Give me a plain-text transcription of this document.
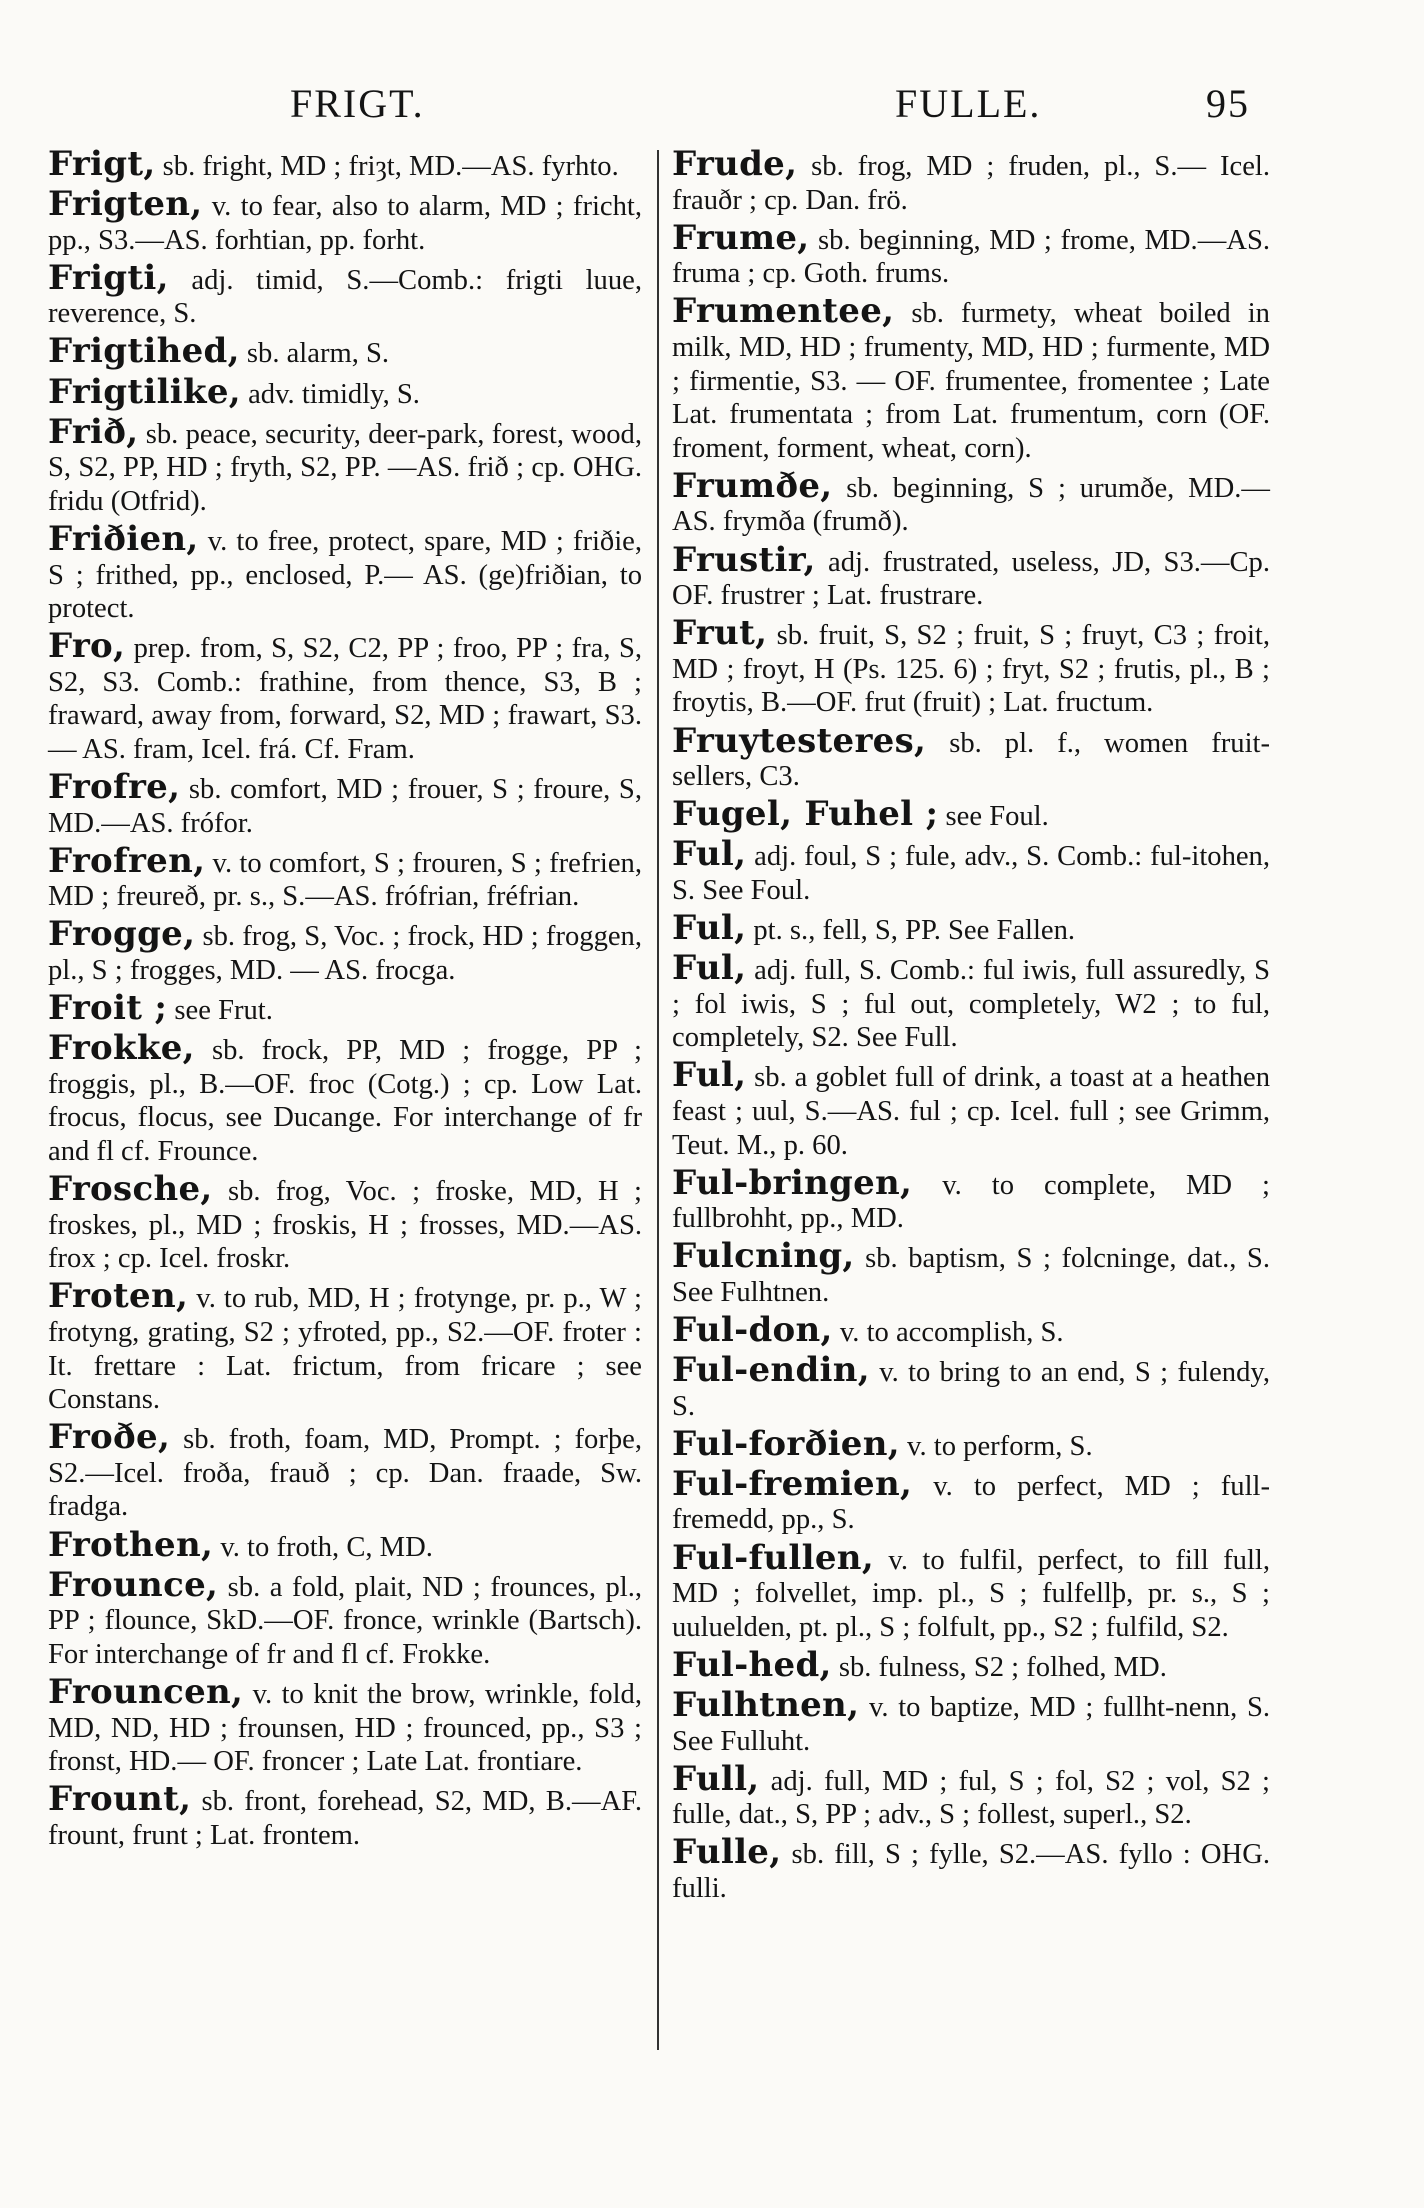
FRIGT.	FULLE.	95

Frigt, sb. fright, MD ; friȝt, MD.—AS. fyrhto.

Frigten, v. to fear, also to alarm, MD ; fricht, pp., S3.—AS. forhtian, pp. forht.

Frigti, adj. timid, S.—Comb.: frigti luue, reverence, S.

Frigtihed, sb. alarm, S.

Frigtilike, adv. timidly, S.

Frið, sb. peace, security, deer-park, forest, wood, S, S2, PP, HD ; fryth, S2, PP. —AS. frið ; cp. OHG. fridu (Otfrid).

Friðien, v. to free, protect, spare, MD ; friðie, S ; frithed, pp., enclosed, P.— AS. (ge)friðian, to protect.

Fro, prep. from, S, S2, C2, PP ; froo, PP ; fra, S, S2, S3. Comb.: frathine, from thence, S3, B ; fraward, away from, forward, S2, MD ; frawart, S3. — AS. fram, Icel. frá. Cf. Fram.

Frofre, sb. comfort, MD ; frouer, S ; froure, S, MD.—AS. frófor.

Frofren, v. to comfort, S ; frouren, S ; frefrien, MD ; freureð, pr. s., S.—AS. frófrian, fréfrian.

Frogge, sb. frog, S, Voc. ; frock, HD ; froggen, pl., S ; frogges, MD. — AS. frocga.

Froit ; see Frut.

Frokke, sb. frock, PP, MD ; frogge, PP ; froggis, pl., B.—OF. froc (Cotg.) ; cp. Low Lat. frocus, flocus, see Ducange. For interchange of fr and fl cf. Frounce.

Frosche, sb. frog, Voc. ; froske, MD, H ; froskes, pl., MD ; froskis, H ; frosses, MD.—AS. frox ; cp. Icel. froskr.

Froten, v. to rub, MD, H ; frotynge, pr. p., W ; frotyng, grating, S2 ; yfroted, pp., S2.—OF. froter : It. frettare : Lat. frictum, from fricare ; see Constans.

Froðe, sb. froth, foam, MD, Prompt. ; forþe, S2.—Icel. froða, frauð ; cp. Dan. fraade, Sw. fradga.

Frothen, v. to froth, C, MD.

Frounce, sb. a fold, plait, ND ; frounces, pl., PP ; flounce, SkD.—OF. fronce, wrinkle (Bartsch). For interchange of fr and fl cf. Frokke.

Frouncen, v. to knit the brow, wrinkle, fold, MD, ND, HD ; frounsen, HD ; frounced, pp., S3 ; fronst, HD.— OF. froncer ; Late Lat. frontiare.

Frount, sb. front, forehead, S2, MD, B.—AF. frount, frunt ; Lat. frontem.

Frude, sb. frog, MD ; fruden, pl., S.— Icel. frauðr ; cp. Dan. frö.

Frume, sb. beginning, MD ; frome, MD.—AS. fruma ; cp. Goth. frums.

Frumentee, sb. furmety, wheat boiled in milk, MD, HD ; frumenty, MD, HD ; furmente, MD ; firmentie, S3. — OF. frumentee, fromentee ; Late Lat. frumentata ; from Lat. frumentum, corn (OF. froment, forment, wheat, corn).

Frumðe, sb. beginning, S ; urumðe, MD.—AS. frymða (frumð).

Frustir, adj. frustrated, useless, JD, S3.—Cp. OF. frustrer ; Lat. frustrare.

Frut, sb. fruit, S, S2 ; fruit, S ; fruyt, C3 ; froit, MD ; froyt, H (Ps. 125. 6) ; fryt, S2 ; frutis, pl., B ; froytis, B.—OF. frut (fruit) ; Lat. fructum.

Fruytesteres, sb. pl. f., women fruit-sellers, C3.

Fugel, Fuhel ; see Foul.

Ful, adj. foul, S ; fule, adv., S. Comb.: ful-itohen, S. See Foul.

Ful, pt. s., fell, S, PP. See Fallen.

Ful, adj. full, S. Comb.: ful iwis, full assuredly, S ; fol iwis, S ; ful out, completely, W2 ; to ful, completely, S2. See Full.

Ful, sb. a goblet full of drink, a toast at a heathen feast ; uul, S.—AS. ful ; cp. Icel. full ; see Grimm, Teut. M., p. 60.

Ful-bringen, v. to complete, MD ; fullbrohht, pp., MD.

Fulcning, sb. baptism, S ; folcninge, dat., S. See Fulhtnen.

Ful-don, v. to accomplish, S.

Ful-endin, v. to bring to an end, S ; fulendy, S.

Ful-forðien, v. to perform, S.

Ful-fremien, v. to perfect, MD ; full-fremedd, pp., S.

Ful-fullen, v. to fulfil, perfect, to fill full, MD ; folvellet, imp. pl., S ; fulfellþ, pr. s., S ; uuluelden, pt. pl., S ; folfult, pp., S2 ; fulfild, S2.

Ful-hed, sb. fulness, S2 ; folhed, MD.

Fulhtnen, v. to baptize, MD ; fullht-nenn, S. See Fulluht.

Full, adj. full, MD ; ful, S ; fol, S2 ; vol, S2 ; fulle, dat., S, PP ; adv., S ; follest, superl., S2.

Fulle, sb. fill, S ; fylle, S2.—AS. fyllo : OHG. fulli.
